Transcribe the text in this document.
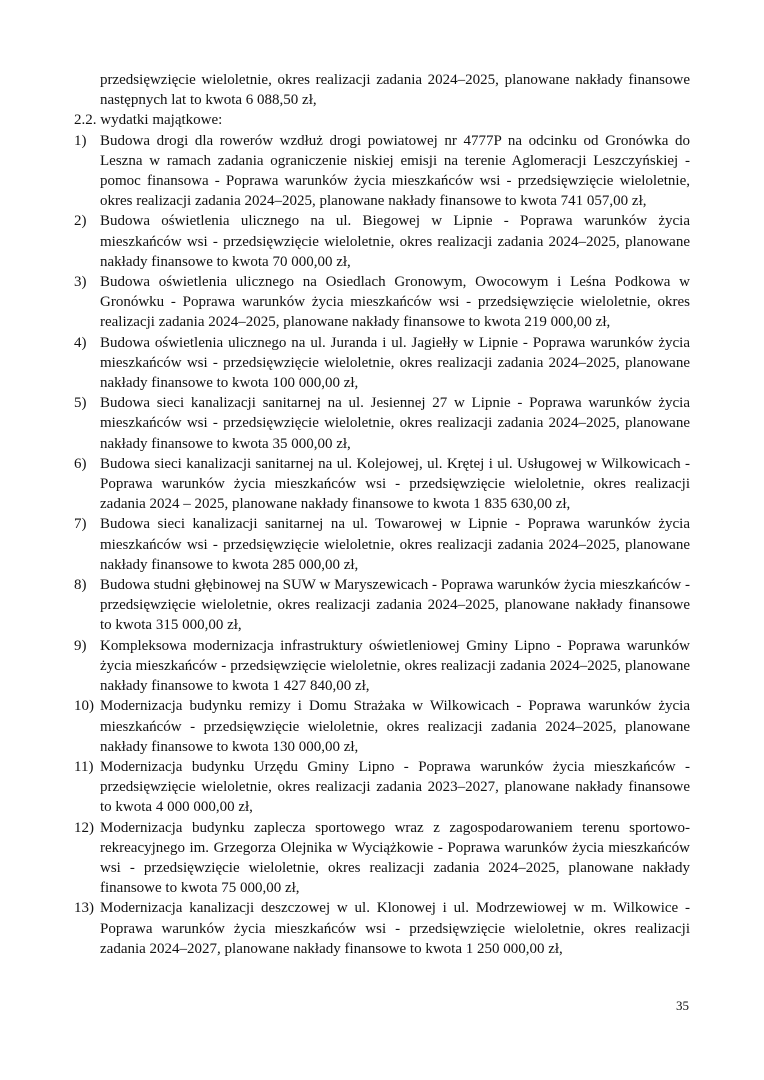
przedsięwzięcie wieloletnie, okres realizacji zadania 2024–2025, planowane nakłady finansowe następnych lat to kwota 6 088,50 zł,

2.2. wydatki majątkowe:

1) Budowa drogi dla rowerów wzdłuż drogi powiatowej nr 4777P na odcinku od Gronówka do Leszna w ramach zadania ograniczenie niskiej emisji na terenie Aglomeracji Leszczyńskiej - pomoc finansowa - Poprawa warunków życia mieszkańców wsi - przedsięwzięcie wieloletnie, okres realizacji zadania 2024–2025, planowane nakłady finansowe to kwota 741 057,00 zł,
2) Budowa oświetlenia ulicznego na ul. Biegowej w Lipnie - Poprawa warunków życia mieszkańców wsi - przedsięwzięcie wieloletnie, okres realizacji zadania 2024–2025, planowane nakłady finansowe to kwota 70 000,00 zł,
3) Budowa oświetlenia ulicznego na Osiedlach Gronowym, Owocowym i Leśna Podkowa w Gronówku - Poprawa warunków życia mieszkańców wsi - przedsięwzięcie wieloletnie, okres realizacji zadania 2024–2025, planowane nakłady finansowe to kwota 219 000,00 zł,
4) Budowa oświetlenia ulicznego na ul. Juranda i ul. Jagiełły w Lipnie - Poprawa warunków życia mieszkańców wsi - przedsięwzięcie wieloletnie, okres realizacji zadania 2024–2025, planowane nakłady finansowe to kwota 100 000,00 zł,
5) Budowa sieci kanalizacji sanitarnej na ul. Jesiennej 27 w Lipnie - Poprawa warunków życia mieszkańców wsi - przedsięwzięcie wieloletnie, okres realizacji zadania 2024–2025, planowane nakłady finansowe to kwota 35 000,00 zł,
6) Budowa sieci kanalizacji sanitarnej na ul. Kolejowej, ul. Krętej i ul. Usługowej w Wilkowicach - Poprawa warunków życia mieszkańców wsi - przedsięwzięcie wieloletnie, okres realizacji zadania 2024 – 2025, planowane nakłady finansowe to kwota 1 835 630,00 zł,
7) Budowa sieci kanalizacji sanitarnej na ul. Towarowej w Lipnie - Poprawa warunków życia mieszkańców wsi - przedsięwzięcie wieloletnie, okres realizacji zadania 2024–2025, planowane nakłady finansowe to kwota 285 000,00 zł,
8) Budowa studni głębinowej na SUW w Maryszewicach - Poprawa warunków życia mieszkańców - przedsięwzięcie wieloletnie, okres realizacji zadania 2024–2025, planowane nakłady finansowe to kwota 315 000,00 zł,
9) Kompleksowa modernizacja infrastruktury oświetleniowej Gminy Lipno - Poprawa warunków życia mieszkańców - przedsięwzięcie wieloletnie, okres realizacji zadania 2024–2025, planowane nakłady finansowe to kwota 1 427 840,00 zł,
10) Modernizacja budynku remizy i Domu Strażaka w Wilkowicach - Poprawa warunków życia mieszkańców - przedsięwzięcie wieloletnie, okres realizacji zadania 2024–2025, planowane nakłady finansowe to kwota 130 000,00 zł,
11) Modernizacja budynku Urzędu Gminy Lipno - Poprawa warunków życia mieszkańców - przedsięwzięcie wieloletnie, okres realizacji zadania 2023–2027, planowane nakłady finansowe to kwota 4 000 000,00 zł,
12) Modernizacja budynku zaplecza sportowego wraz z zagospodarowaniem terenu sportowo-rekreacyjnego im. Grzegorza Olejnika w Wyciążkowie - Poprawa warunków życia mieszkańców wsi - przedsięwzięcie wieloletnie, okres realizacji zadania 2024–2025, planowane nakłady finansowe to kwota 75 000,00 zł,
13) Modernizacja kanalizacji deszczowej w ul. Klonowej i ul. Modrzewiowej w m. Wilkowice - Poprawa warunków życia mieszkańców wsi - przedsięwzięcie wieloletnie, okres realizacji zadania 2024–2027, planowane nakłady finansowe to kwota 1 250 000,00 zł,
35
